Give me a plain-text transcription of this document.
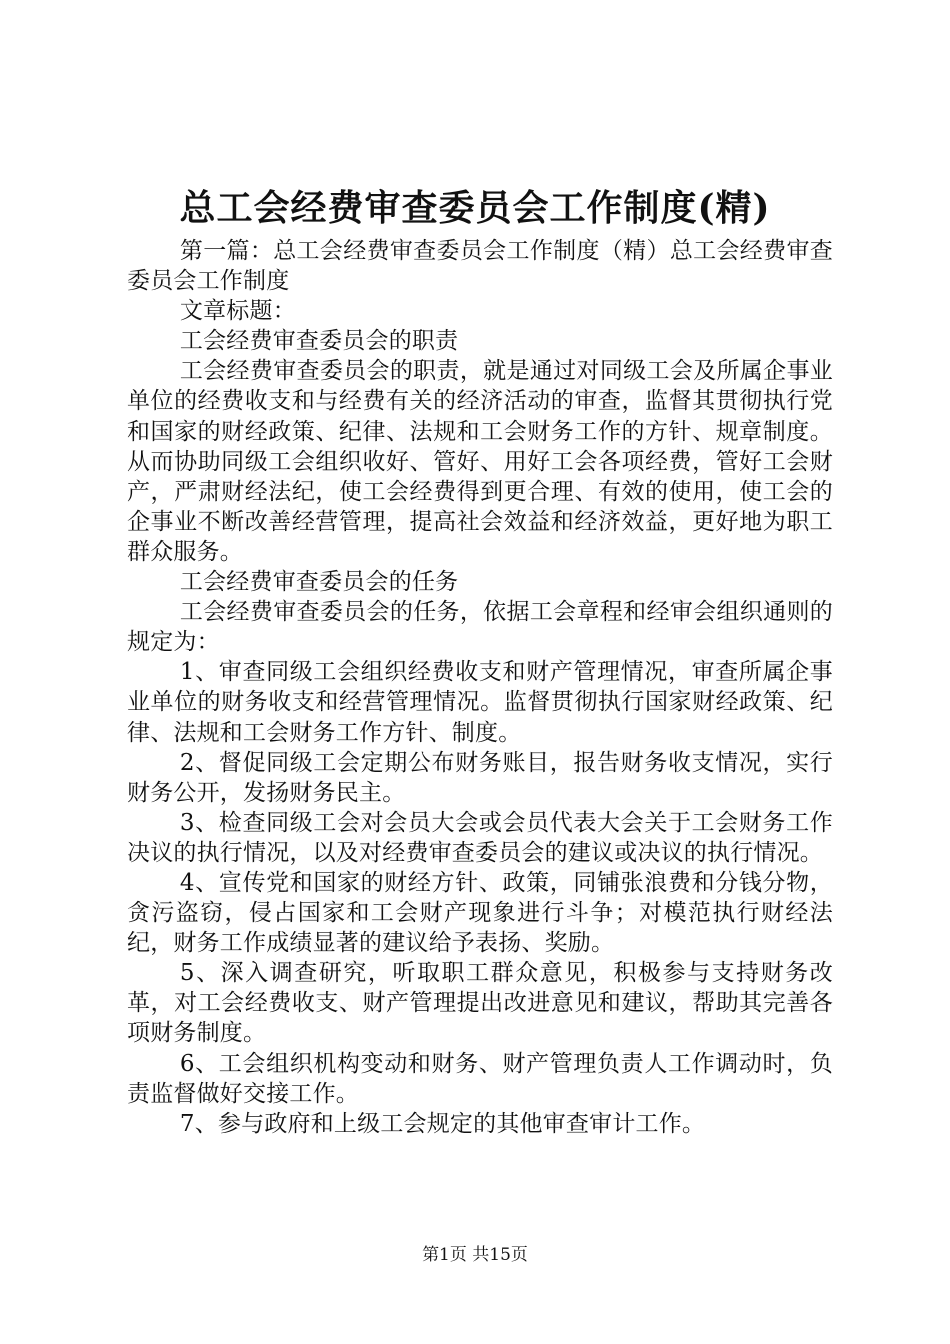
总工会经费审查委员会工作制度(精)

第一篇：总工会经费审查委员会工作制度（精）总工会经费审查委员会工作制度

文章标题：

工会经费审查委员会的职责

工会经费审查委员会的职责，就是通过对同级工会及所属企事业单位的经费收支和与经费有关的经济活动的审查，监督其贯彻执行党和国家的财经政策、纪律、法规和工会财务工作的方针、规章制度。从而协助同级工会组织收好、管好、用好工会各项经费，管好工会财产，严肃财经法纪，使工会经费得到更合理、有效的使用，使工会的企事业不断改善经营管理，提高社会效益和经济效益，更好地为职工群众服务。

工会经费审查委员会的任务

工会经费审查委员会的任务，依据工会章程和经审会组织通则的规定为：

1、审查同级工会组织经费收支和财产管理情况，审查所属企事业单位的财务收支和经营管理情况。监督贯彻执行国家财经政策、纪律、法规和工会财务工作方针、制度。

2、督促同级工会定期公布财务账目，报告财务收支情况，实行财务公开，发扬财务民主。

3、检查同级工会对会员大会或会员代表大会关于工会财务工作决议的执行情况，以及对经费审查委员会的建议或决议的执行情况。

4、宣传党和国家的财经方针、政策，同铺张浪费和分钱分物，贪污盗窃，侵占国家和工会财产现象进行斗争；对模范执行财经法纪，财务工作成绩显著的建议给予表扬、奖励。

5、深入调查研究，听取职工群众意见，积极参与支持财务改革，对工会经费收支、财产管理提出改进意见和建议，帮助其完善各项财务制度。

6、工会组织机构变动和财务、财产管理负责人工作调动时，负责监督做好交接工作。

7、参与政府和上级工会规定的其他审查审计工作。

第1页 共15页
